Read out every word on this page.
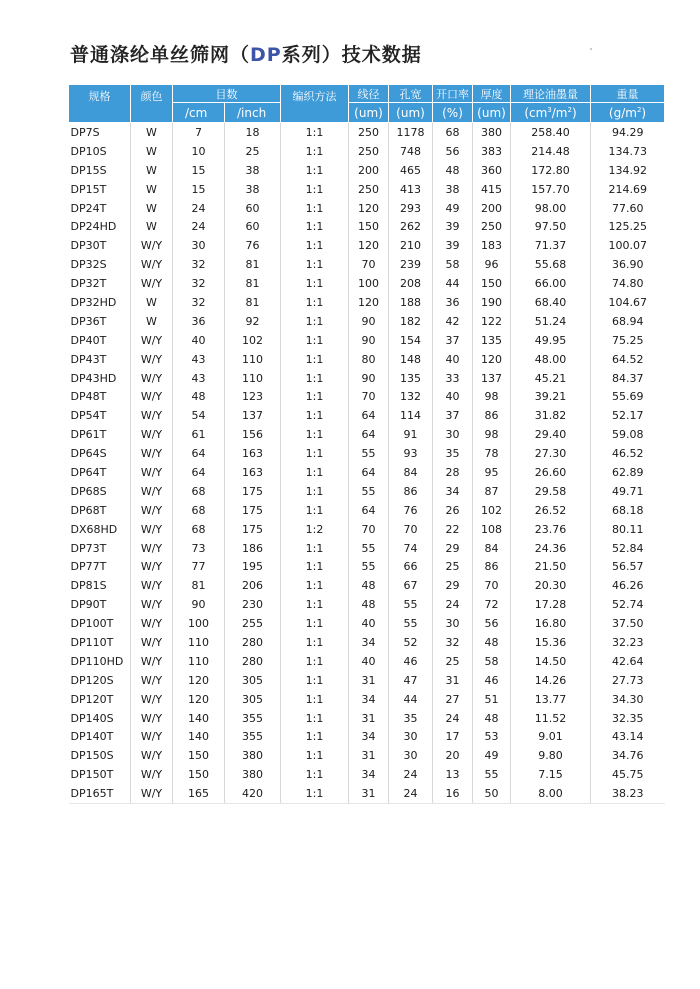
普通涤纶单丝筛网（DP系列）技术数据
规格	颜色	目数		编织方法	线径	孔宽	开口率	厚度	理论油墨量	重量
		/cm	/inch		(um)	(um)	(%)	(um)	$(cm^3/m^2)$	$(g/m^2)$
DP7S	W	7	18	1:1	250	1178	68	380	258.40	94.29
DP10S	W	10	25	1:1	250	748	56	383	214.48	134.73
DP15S	W	15	38	1:1	200	465	48	360	172.80	134.92
DP15T	W	15	38	1:1	250	413	38	415	157.70	214.69
DP24T	W	24	60	1:1	120	293	49	200	98.00	77.60
DP24HD	W	24	60	1:1	150	262	39	250	97.50	125.25
DP30T	W/Y	30	76	1:1	120	210	39	183	71.37	100.07
DP32S	W/Y	32	81	1:1	70	239	58	96	55.68	36.90
DP32T	W/Y	32	81	1:1	100	208	44	150	66.00	74.80
DP32HD	W	32	81	1:1	120	188	36	190	68.40	104.67
DP36T	W	36	92	1:1	90	182	42	122	51.24	68.94
DP40T	W/Y	40	102	1:1	90	154	37	135	49.95	75.25
DP43T	W/Y	43	110	1:1	80	148	40	120	48.00	64.52
DP43HD	W/Y	43	110	1:1	90	135	33	137	45.21	84.37
DP48T	W/Y	48	123	1:1	70	132	40	98	39.21	55.69
DP54T	W/Y	54	137	1:1	64	114	37	86	31.82	52.17
DP61T	W/Y	61	156	1:1	64	91	30	98	29.40	59.08
DP64S	W/Y	64	163	1:1	55	93	35	78	27.30	46.52
DP64T	W/Y	64	163	1:1	64	84	28	95	26.60	62.89
DP68S	W/Y	68	175	1:1	55	86	34	87	29.58	49.71
DP68T	W/Y	68	175	1:1	64	76	26	102	26.52	68.18
DX68HD	W/Y	68	175	1:2	70	70	22	108	23.76	80.11
DP73T	W/Y	73	186	1:1	55	74	29	84	24.36	52.84
DP77T	W/Y	77	195	1:1	55	66	25	86	21.50	56.57
DP81S	W/Y	81	206	1:1	48	67	29	70	20.30	46.26
DP90T	W/Y	90	230	1:1	48	55	24	72	17.28	52.74
DP100T	W/Y	100	255	1:1	40	55	30	56	16.80	37.50
DP110T	W/Y	110	280	1:1	34	52	32	48	15.36	32.23
DP110HD	W/Y	110	280	1:1	40	46	25	58	14.50	42.64
DP120S	W/Y	120	305	1:1	31	47	31	46	14.26	27.73
DP120T	W/Y	120	305	1:1	34	44	27	51	13.77	34.30
DP140S	W/Y	140	355	1:1	31	35	24	48	11.52	32.35
DP140T	W/Y	140	355	1:1	34	30	17	53	9.01	43.14
DP150S	W/Y	150	380	1:1	31	30	20	49	9.80	34.76
DP150T	W/Y	150	380	1:1	34	24	13	55	7.15	45.75
DP165T	W/Y	165	420	1:1	31	24	16	50	8.00	38.23
